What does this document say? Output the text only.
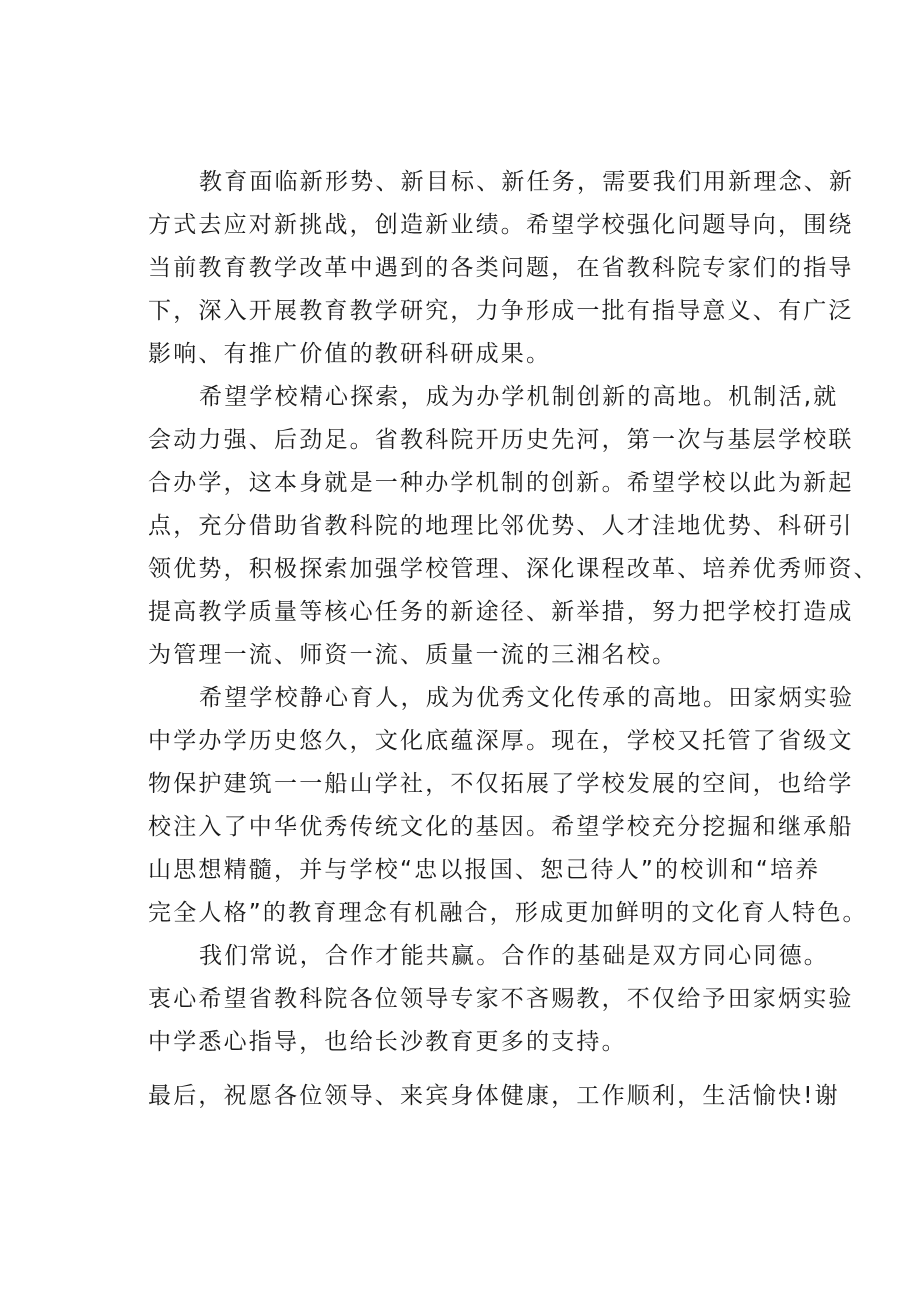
教育面临新形势、新目标、新任务，需要我们用新理念、新

方式去应对新挑战，创造新业绩。希望学校强化问题导向，围绕

当前教育教学改革中遇到的各类问题，在省教科院专家们的指导

下，深入开展教育教学研究，力争形成一批有指导意义、有广泛

影响、有推广价值的教研科研成果。

希望学校精心探索，成为办学机制创新的高地。机制活,就

会动力强、后劲足。省教科院开历史先河，第一次与基层学校联

合办学，这本身就是一种办学机制的创新。希望学校以此为新起

点，充分借助省教科院的地理比邻优势、人才洼地优势、科研引

领优势，积极探索加强学校管理、深化课程改革、培养优秀师资、

提高教学质量等核心任务的新途径、新举措，努力把学校打造成

为管理一流、师资一流、质量一流的三湘名校。

希望学校静心育人，成为优秀文化传承的高地。田家炳实验

中学办学历史悠久，文化底蕴深厚。现在，学校又托管了省级文

物保护建筑一一船山学社，不仅拓展了学校发展的空间，也给学

校注入了中华优秀传统文化的基因。希望学校充分挖掘和继承船

山思想精髓，并与学校“忠以报国、恕己待人”的校训和“培养

完全人格”的教育理念有机融合，形成更加鲜明的文化育人特色。

我们常说，合作才能共赢。合作的基础是双方同心同德。

衷心希望省教科院各位领导专家不吝赐教，不仅给予田家炳实验

中学悉心指导，也给长沙教育更多的支持。

最后，祝愿各位领导、来宾身体健康，工作顺利，生活愉快!谢
